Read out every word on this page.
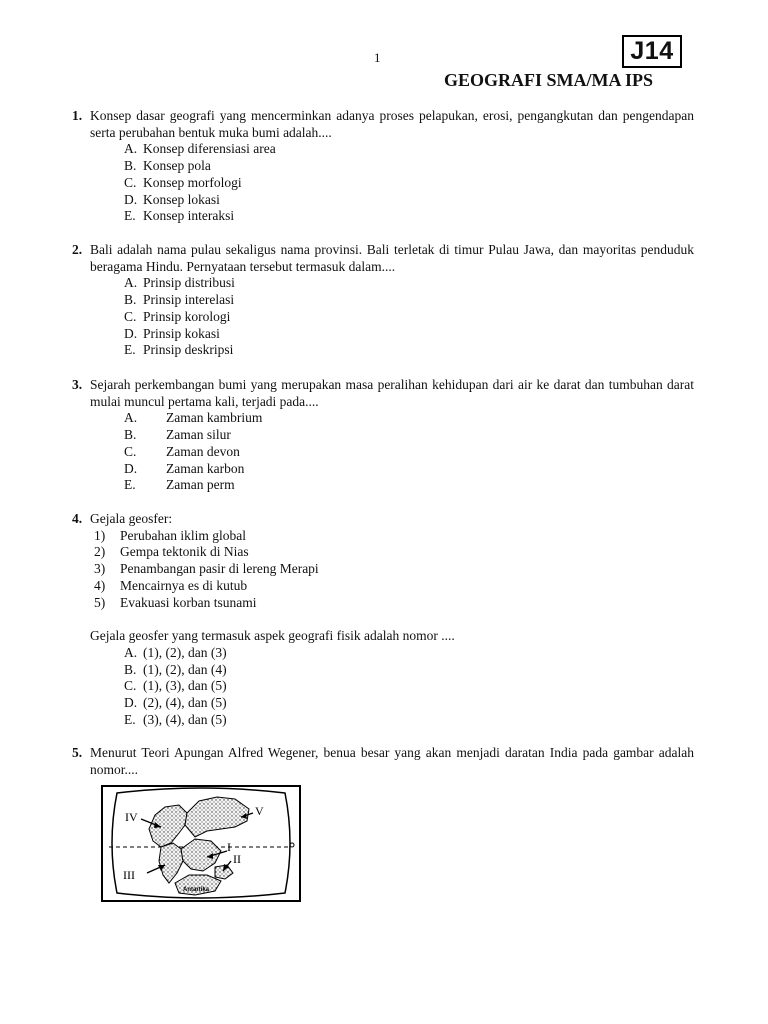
1	J14
GEOGRAFI SMA/MA IPS
1. Konsep dasar geografi yang mencerminkan adanya proses pelapukan, erosi, pengangkutan dan pengendapan serta perubahan bentuk muka bumi adalah....
A. Konsep diferensiasi area
B. Konsep pola
C. Konsep morfologi
D. Konsep lokasi
E. Konsep interaksi
2. Bali adalah nama pulau sekaligus nama provinsi. Bali terletak di timur Pulau Jawa, dan mayoritas penduduk beragama Hindu. Pernyataan tersebut termasuk dalam....
A. Prinsip distribusi
B. Prinsip interelasi
C. Prinsip korologi
D. Prinsip kokasi
E. Prinsip deskripsi
3. Sejarah perkembangan bumi yang merupakan masa peralihan kehidupan dari air ke darat dan tumbuhan darat mulai muncul pertama kali, terjadi pada....
A.	Zaman kambrium
B.	Zaman silur
C.	Zaman devon
D.	Zaman karbon
E.	Zaman perm
4. Gejala geosfer:
1)	Perubahan iklim global
2)	Gempa tektonik di Nias
3)	Penambangan pasir di lereng Merapi
4)	Mencairnya es di kutub
5)	Evakuasi korban tsunami
Gejala geosfer yang termasuk aspek geografi fisik adalah nomor ....
A. (1), (2), dan (3)
B. (1), (2), dan (4)
C. (1), (3), dan (5)
D. (2), (4), dan (5)
E. (3), (4), dan (5)
5. Menurut Teori Apungan Alfred Wegener, benua besar yang akan menjadi daratan India pada gambar adalah nomor....
IV	V
I
II
III
Antartika
